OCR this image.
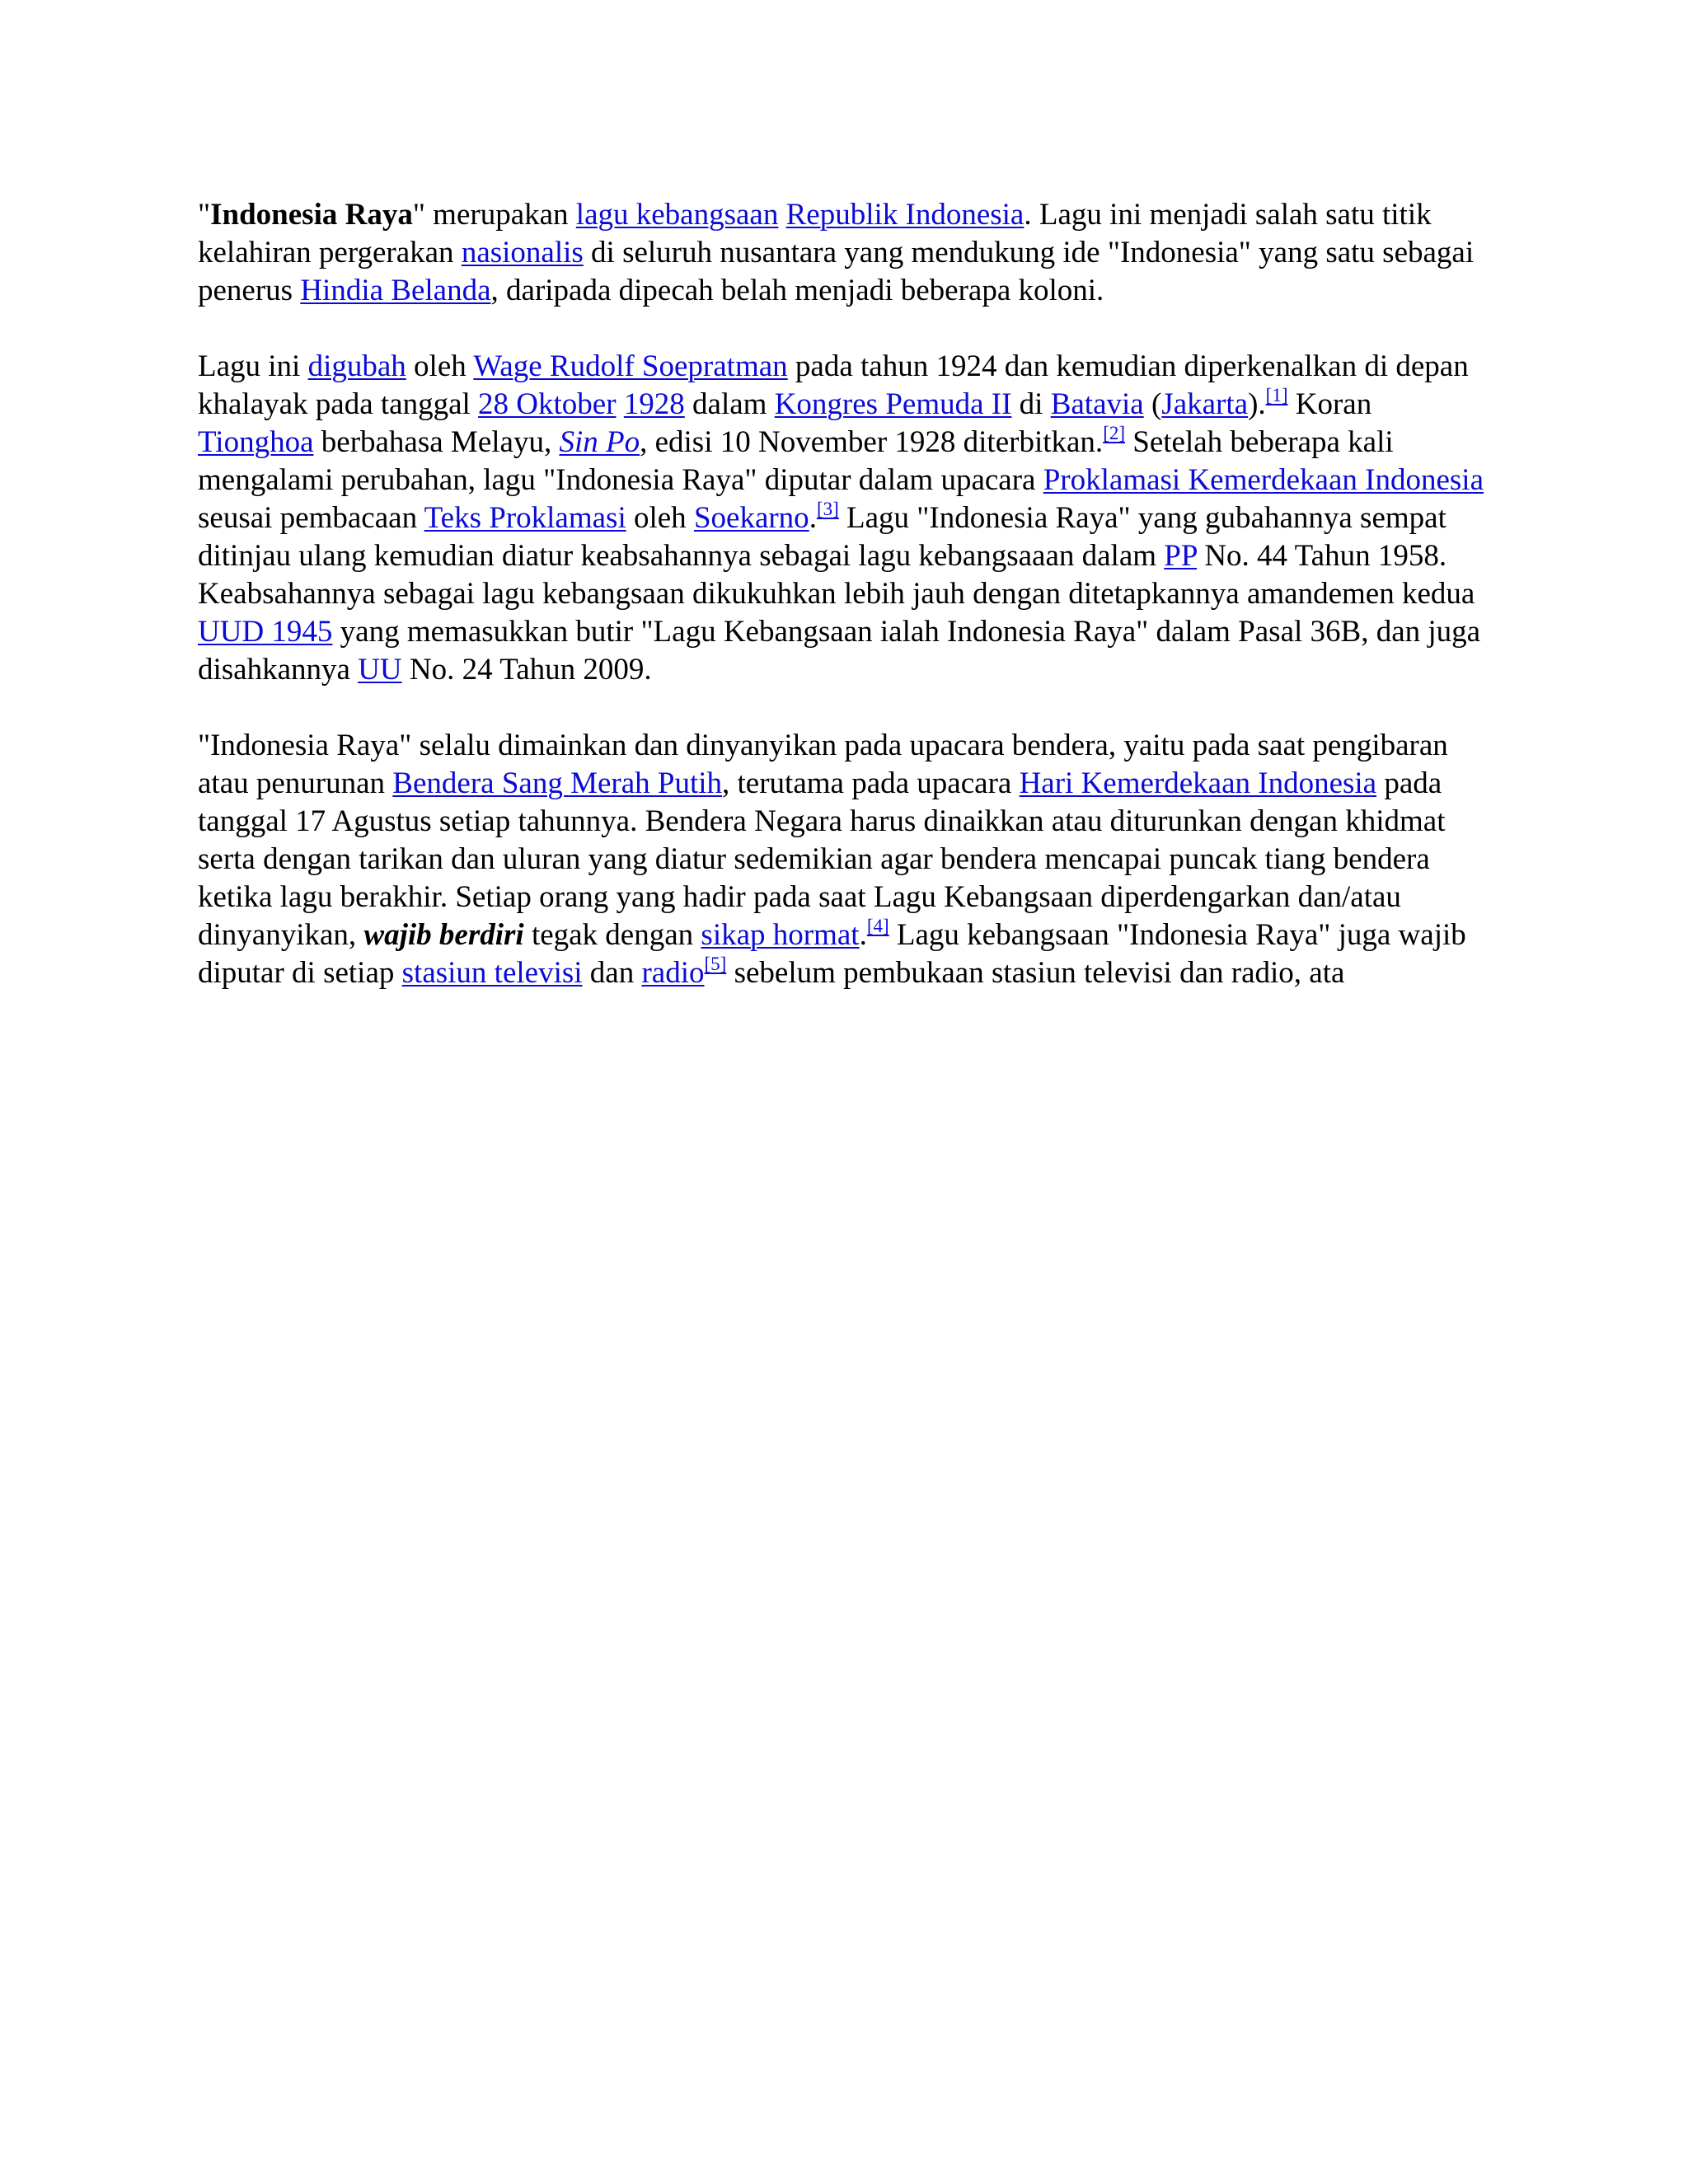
"Indonesia Raya" merupakan lagu kebangsaan Republik Indonesia. Lagu ini menjadi salah satu titik kelahiran pergerakan nasionalis di seluruh nusantara yang mendukung ide "Indonesia" yang satu sebagai penerus Hindia Belanda, daripada dipecah belah menjadi beberapa koloni.

Lagu ini digubah oleh Wage Rudolf Soepratman pada tahun 1924 dan kemudian diperkenalkan di depan khalayak pada tanggal 28 Oktober 1928 dalam Kongres Pemuda II di Batavia (Jakarta).[1] Koran Tionghoa berbahasa Melayu, Sin Po, edisi 10 November 1928 diterbitkan.[2] Setelah beberapa kali mengalami perubahan, lagu "Indonesia Raya" diputar dalam upacara Proklamasi Kemerdekaan Indonesia seusai pembacaan Teks Proklamasi oleh Soekarno.[3] Lagu "Indonesia Raya" yang gubahannya sempat ditinjau ulang kemudian diatur keabsahannya sebagai lagu kebangsaaan dalam PP No. 44 Tahun 1958. Keabsahannya sebagai lagu kebangsaan dikukuhkan lebih jauh dengan ditetapkannya amandemen kedua UUD 1945 yang memasukkan butir "Lagu Kebangsaan ialah Indonesia Raya" dalam Pasal 36B, dan juga disahkannya UU No. 24 Tahun 2009.

"Indonesia Raya" selalu dimainkan dan dinyanyikan pada upacara bendera, yaitu pada saat pengibaran atau penurunan Bendera Sang Merah Putih, terutama pada upacara Hari Kemerdekaan Indonesia pada tanggal 17 Agustus setiap tahunnya. Bendera Negara harus dinaikkan atau diturunkan dengan khidmat serta dengan tarikan dan uluran yang diatur sedemikian agar bendera mencapai puncak tiang bendera ketika lagu berakhir. Setiap orang yang hadir pada saat Lagu Kebangsaan diperdengarkan dan/atau dinyanyikan, wajib berdiri tegak dengan sikap hormat.[4] Lagu kebangsaan "Indonesia Raya" juga wajib diputar di setiap stasiun televisi dan radio[5] sebelum pembukaan stasiun televisi dan radio, ata
